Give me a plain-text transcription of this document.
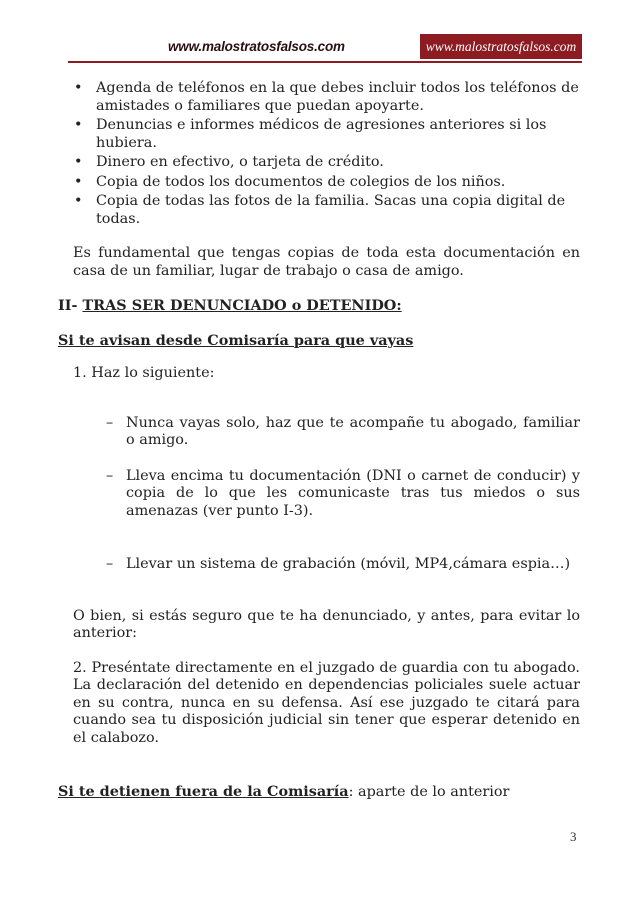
www.malostratosfalsos.com	www.malostratosfalsos.com
• Agenda de teléfonos en la que debes incluir todos los teléfonos de amistades o familiares que puedan apoyarte.
• Denuncias e informes médicos de agresiones anteriores si los hubiera.
• Dinero en efectivo, o tarjeta de crédito.
• Copia de todos los documentos de colegios de los niños.
• Copia de todas las fotos de la familia. Sacas una copia digital de todas.

Es fundamental que tengas copias de toda esta documentación en casa de un familiar, lugar de trabajo o casa de amigo.

II- TRAS SER DENUNCIADO o DETENIDO:

Si te avisan desde Comisaría para que vayas

1. Haz lo siguiente:

– Nunca vayas solo, haz que te acompañe tu abogado, familiar o amigo.

– Lleva encima tu documentación (DNI o carnet de conducir) y copia de lo que les comunicaste tras tus miedos o sus amenazas (ver punto I-3).

– Llevar un sistema de grabación (móvil, MP4,cámara espia…)

O bien, si estás seguro que te ha denunciado, y antes, para evitar lo anterior:

2. Preséntate directamente en el juzgado de guardia con tu abogado. La declaración del detenido en dependencias policiales suele actuar en su contra, nunca en su defensa. Así ese juzgado te citará para cuando sea tu disposición judicial sin tener que esperar detenido en el calabozo.

Si te detienen fuera de la Comisaría: aparte de lo anterior

3
